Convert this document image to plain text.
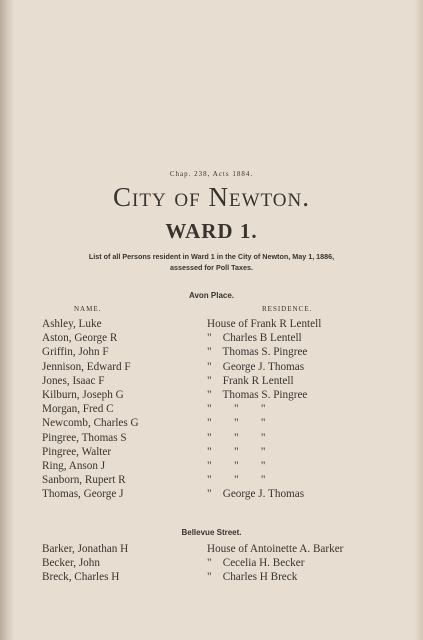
Chap. 238, Acts 1884.
City of Newton.
WARD 1.
List of all Persons resident in Ward 1 in the City of Newton, May 1, 1886,
assessed for Poll Taxes.
Avon Place.
NAME.	RESIDENCE.
Ashley, Luke	House of Frank R Lentell
Aston, George R	"    Charles B Lentell
Griffin, John F	"    Thomas S. Pingree
Jennison, Edward F	"    George J. Thomas
Jones, Isaac F	"    Frank R Lentell
Kilburn, Joseph G	"    Thomas S. Pingree
Morgan, Fred C	"        "        "
Newcomb, Charles G	"        "        "
Pingree, Thomas S	"        "        "
Pingree, Walter	"        "        "
Ring, Anson J	"        "        "
Sanborn, Rupert R	"        "        "
Thomas, George J	"    George J. Thomas
Bellevue Street.
Barker, Jonathan H	House of Antoinette A. Barker
Becker, John	"    Cecelia H. Becker
Breck, Charles H	"    Charles H Breck
